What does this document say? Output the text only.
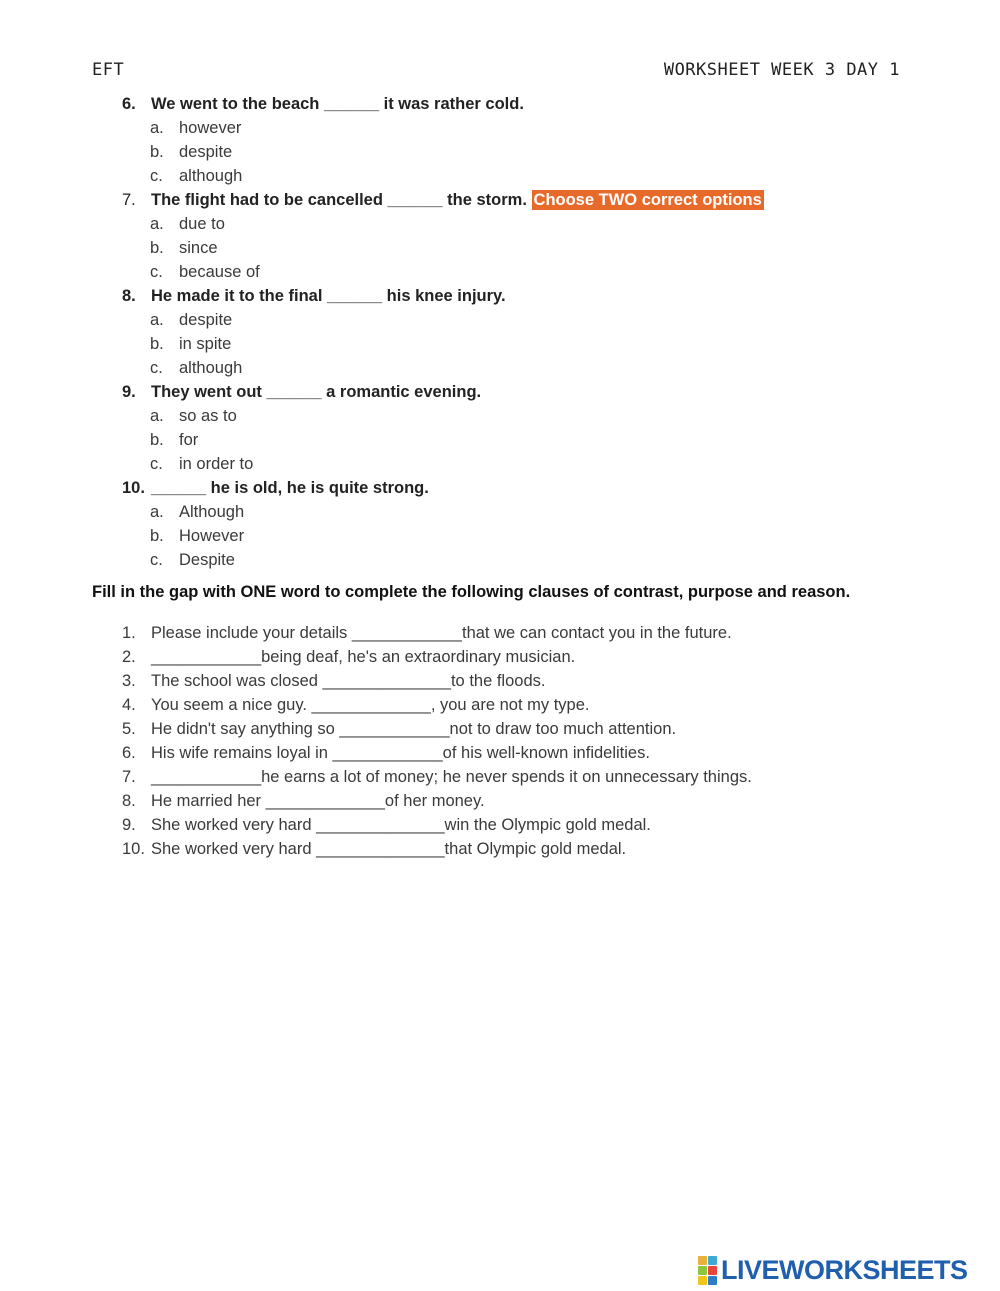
EFT	WORKSHEET WEEK 3 DAY 1
6. We went to the beach ______ it was rather cold.
a. however
b. despite
c. although
7. The flight had to be cancelled ______ the storm. Choose TWO correct options
a. due to
b. since
c. because of
8. He made it to the final ______ his knee injury.
a. despite
b. in spite
c. although
9. They went out ______ a romantic evening.
a. so as to
b. for
c. in order to
10. ______ he is old, he is quite strong.
a. Although
b. However
c. Despite
Fill in the gap with ONE word to complete the following clauses of contrast, purpose and reason.
1. Please include your details ____________that we can contact you in the future.
2. ____________being deaf, he's an extraordinary musician.
3. The school was closed ______________to the floods.
4. You seem a nice guy. _____________, you are not my type.
5. He didn't say anything so ____________not to draw too much attention.
6. His wife remains loyal in ____________of his well-known infidelities.
7. ____________he earns a lot of money; he never spends it on unnecessary things.
8. He married her _____________of her money.
9. She worked very hard ______________win the Olympic gold medal.
10. She worked very hard ______________that Olympic gold medal.
LIVEWORKSHEETS
